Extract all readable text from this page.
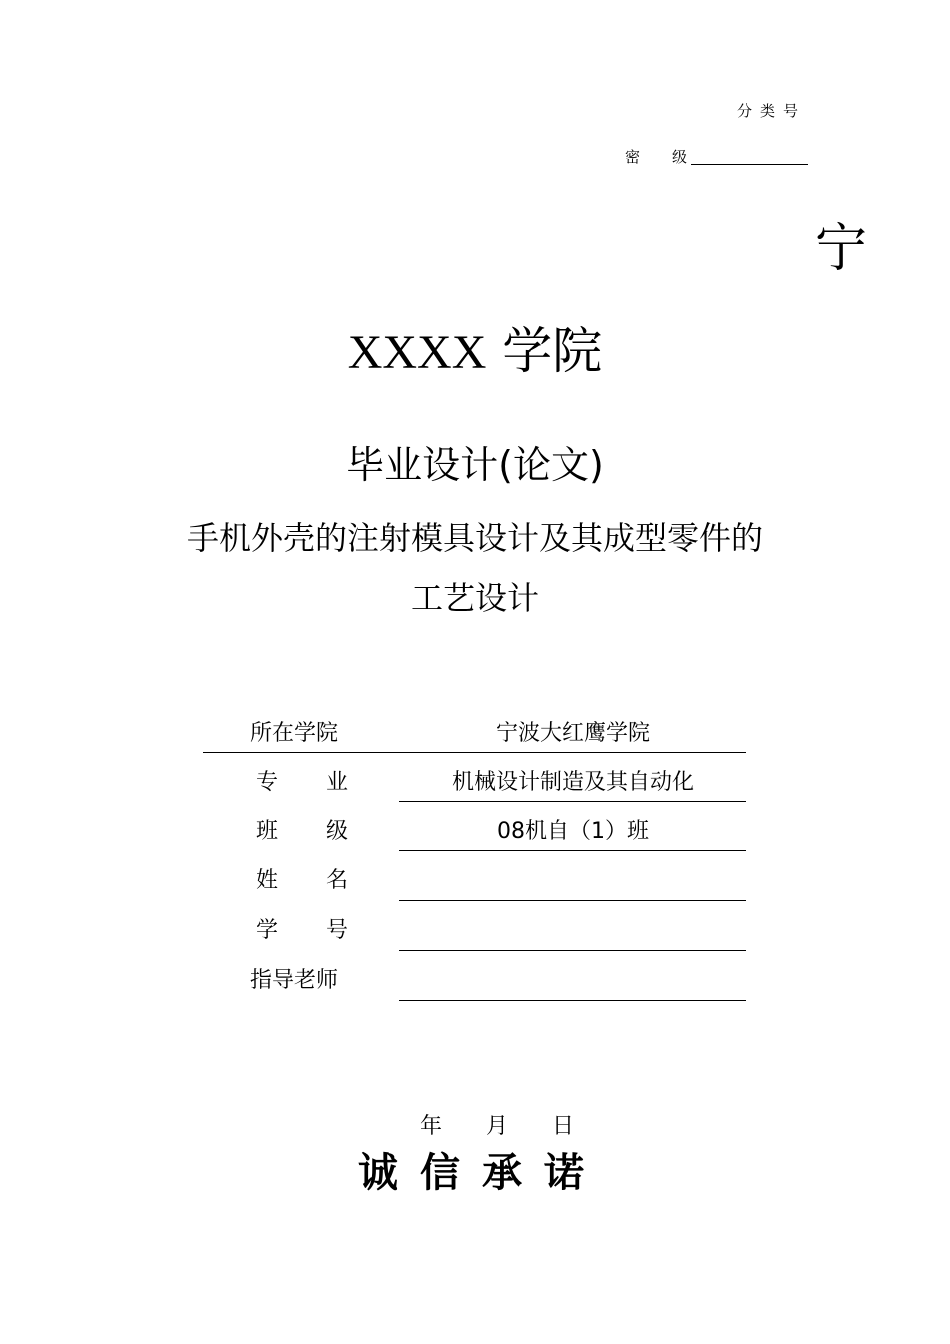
分类号
密 级
宁
XXXX 学院
毕业设计(论文)
手机外壳的注射模具设计及其成型零件的
工艺设计
所在学院	宁波大红鹰学院
专 业	机械设计制造及其自动化
班 级	08机自（1）班
姓 名
学 号
指导老师
年 月 日
诚信承诺
